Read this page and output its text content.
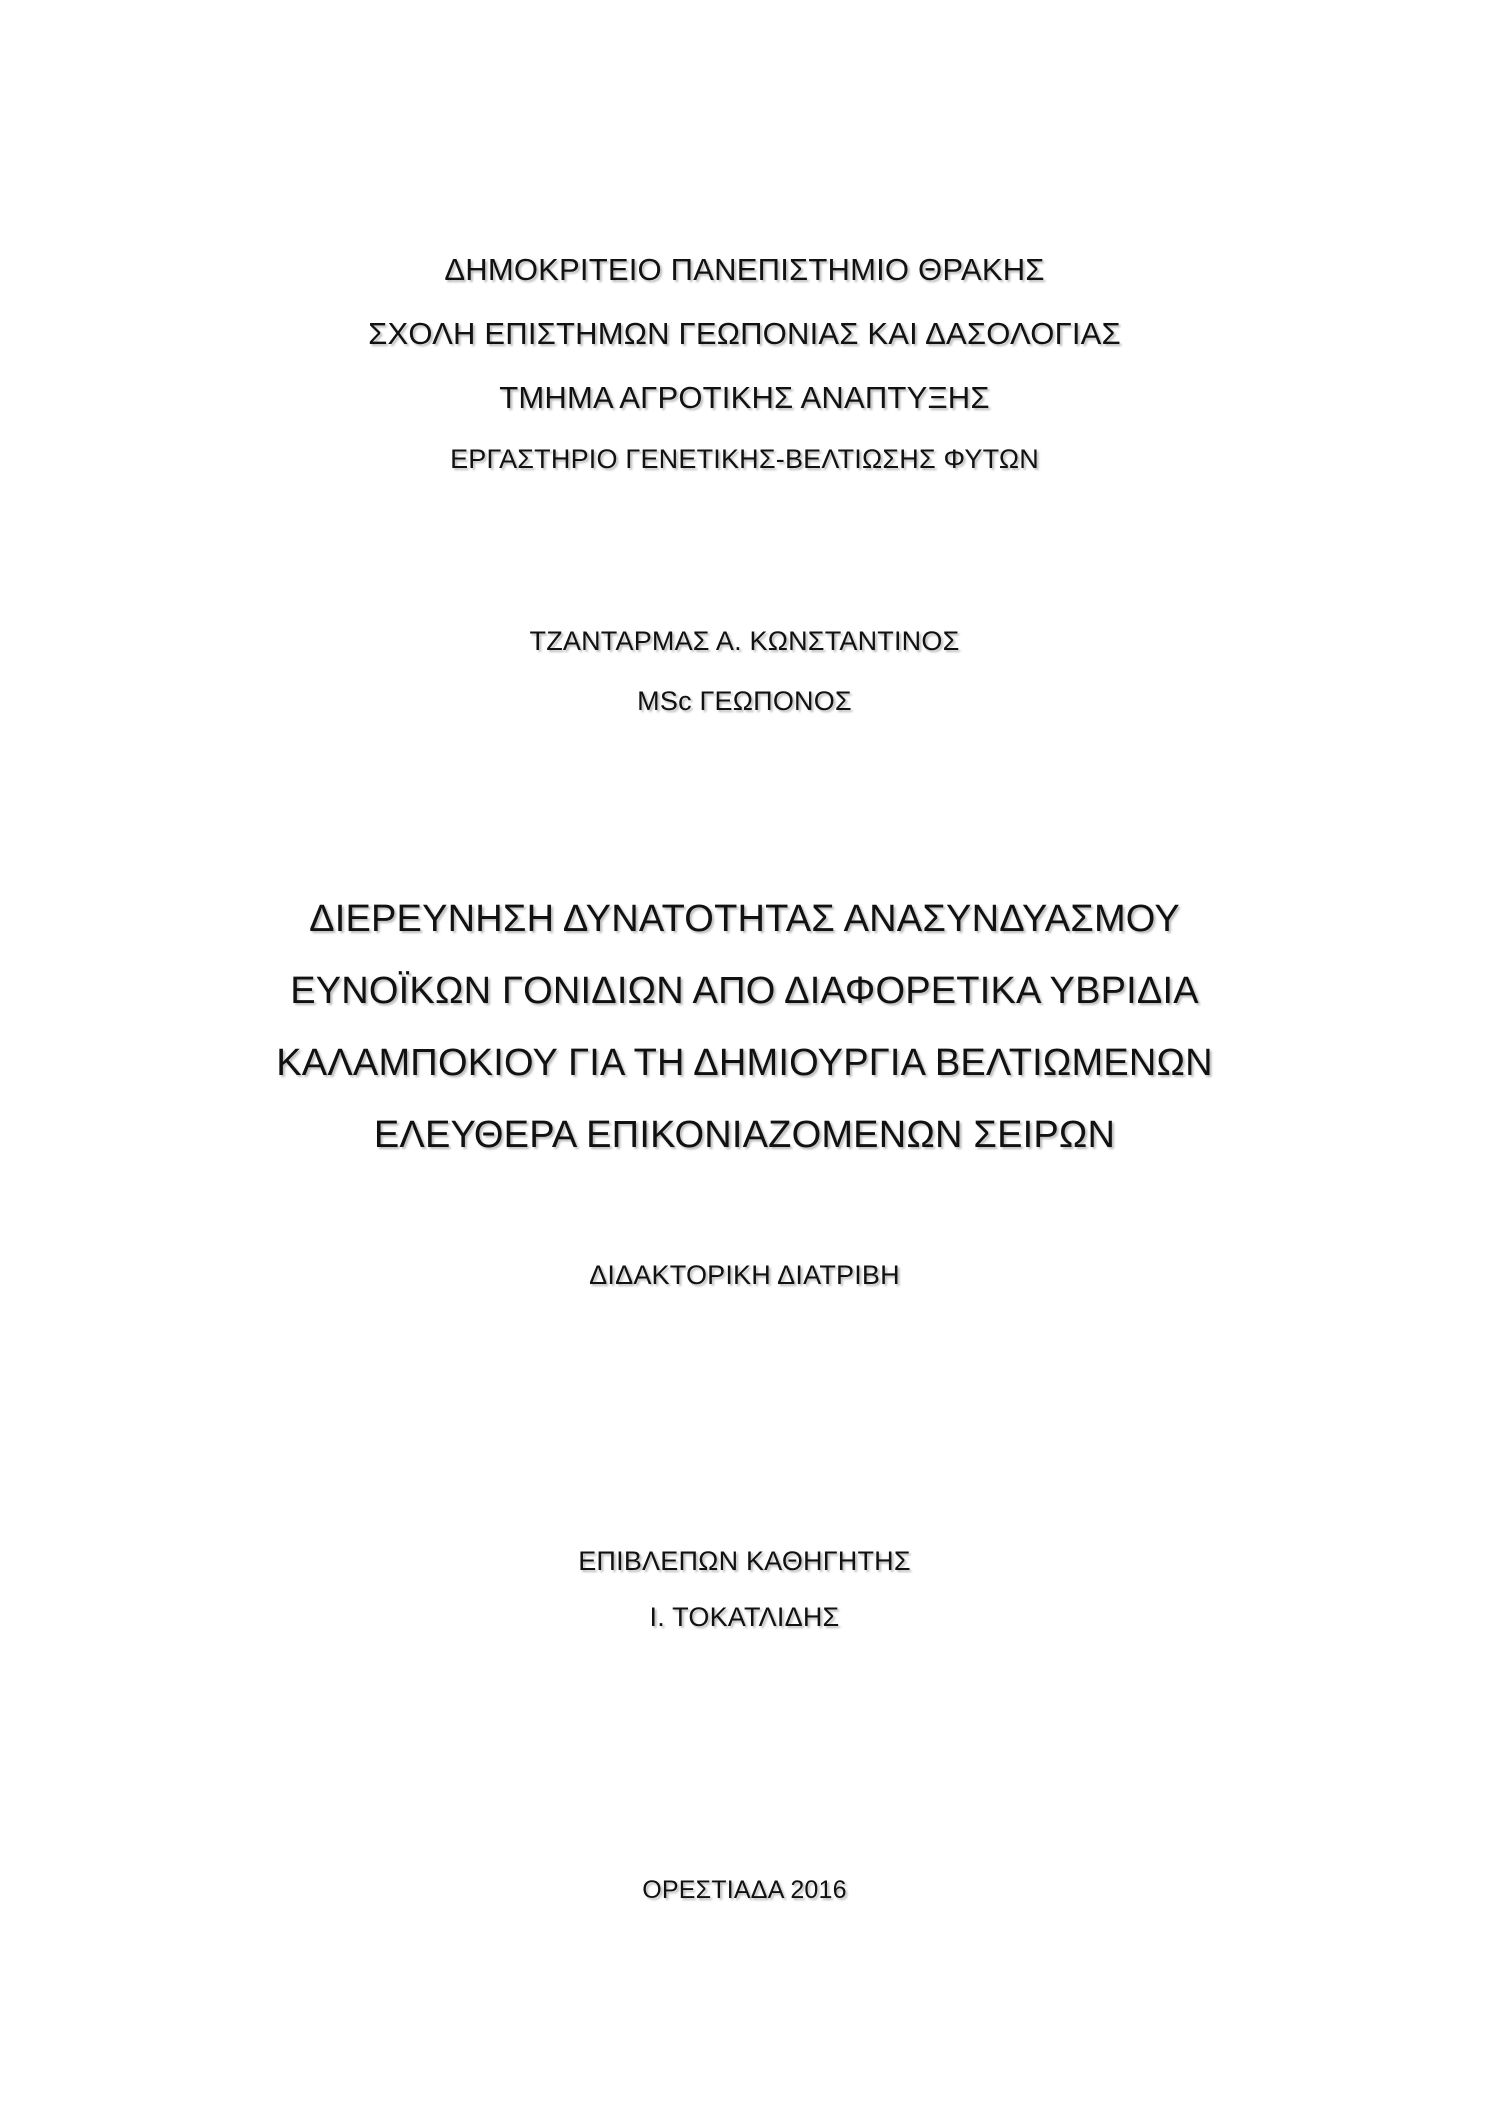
ΔΗΜΟΚΡΙΤΕΙΟ ΠΑΝΕΠΙΣΤΗΜΙΟ ΘΡΑΚΗΣ
ΣΧΟΛΗ ΕΠΙΣΤΗΜΩΝ ΓΕΩΠΟΝΙΑΣ ΚΑΙ ΔΑΣΟΛΟΓΙΑΣ
ΤΜΗΜΑ ΑΓΡΟΤΙΚΗΣ ΑΝΑΠΤΥΞΗΣ
ΕΡΓΑΣΤΗΡΙΟ ΓΕΝΕΤΙΚΗΣ-ΒΕΛΤΙΩΣΗΣ ΦΥΤΩΝ
ΤΖΑΝΤΑΡΜΑΣ Α. ΚΩΝΣΤΑΝΤΙΝΟΣ
MSc ΓΕΩΠΟΝΟΣ
ΔΙΕΡΕΥΝΗΣΗ ΔΥΝΑΤΟΤΗΤΑΣ ΑΝΑΣΥΝΔΥΑΣΜΟΥ
ΕΥΝΟΪΚΩΝ ΓΟΝΙΔΙΩΝ ΑΠΟ ΔΙΑΦΟΡΕΤΙΚΑ ΥΒΡΙΔΙΑ
ΚΑΛΑΜΠΟΚΙΟΥ ΓΙΑ ΤΗ ΔΗΜΙΟΥΡΓΙΑ ΒΕΛΤΙΩΜΕΝΩΝ
ΕΛΕΥΘΕΡΑ ΕΠΙΚΟΝΙΑΖΟΜΕΝΩΝ ΣΕΙΡΩΝ
ΔΙΔΑΚΤΟΡΙΚΗ ΔΙΑΤΡΙΒΗ
ΕΠΙΒΛΕΠΩΝ ΚΑΘΗΓΗΤΗΣ
Ι. ΤΟΚΑΤΛΙΔΗΣ
ΟΡΕΣΤΙΑΔΑ 2016
